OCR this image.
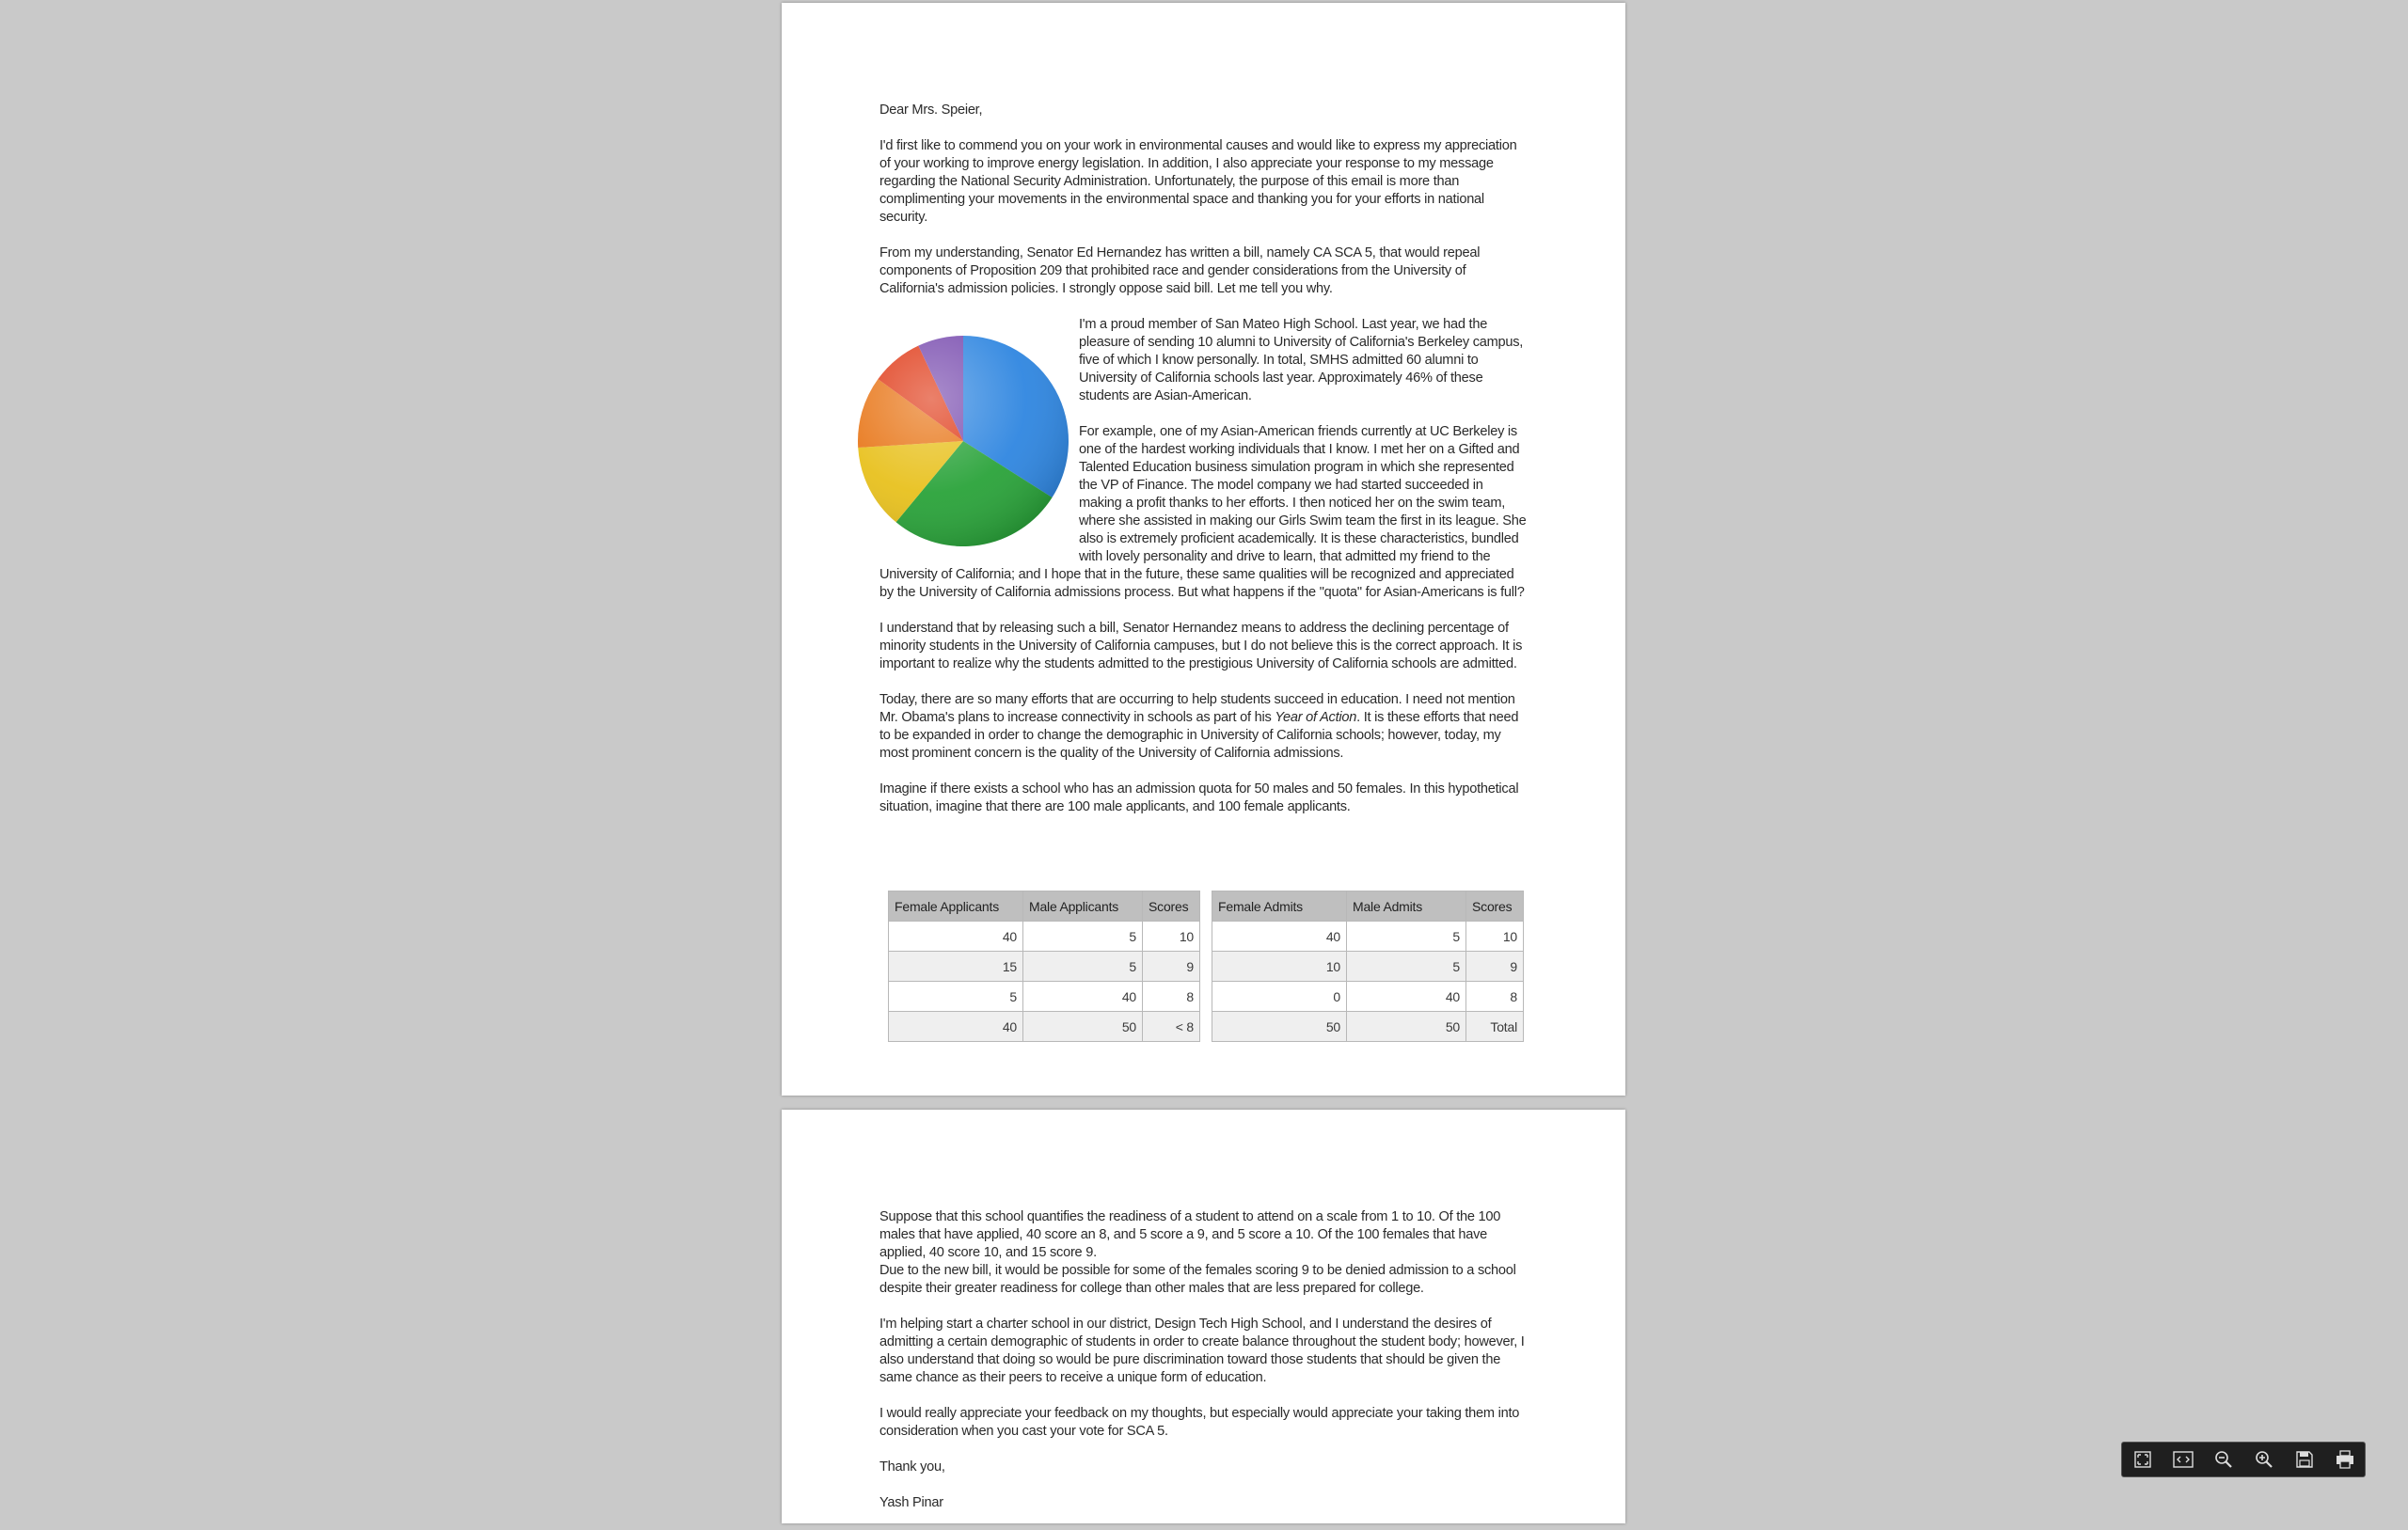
Dear Mrs. Speier,

I'd first like to commend you on your work in environmental causes and would like to express my appreciation of your working to improve energy legislation. In addition, I also appreciate your response to my message regarding the National Security Administration. Unfortunately, the purpose of this email is more than complimenting your movements in the environmental space and thanking you for your efforts in national security.

From my understanding, Senator Ed Hernandez has written a bill, namely CA SCA 5, that would repeal components of Proposition 209 that prohibited race and gender considerations from the University of California's admission policies. I strongly oppose said bill. Let me tell you why.

I'm a proud member of San Mateo High School. Last year, we had the pleasure of sending 10 alumni to University of California's Berkeley campus, five of which I know personally. In total, SMHS admitted 60 alumni to University of California schools last year. Approximately 46% of these students are Asian-American.

For example, one of my Asian-American friends currently at UC Berkeley is one of the hardest working individuals that I know. I met her on a Gifted and Talented Education business simulation program in which she represented the VP of Finance. The model company we had started succeeded in making a profit thanks to her efforts. I then noticed her on the swim team, where she assisted in making our Girls Swim team the first in its league. She also is extremely proficient academically. It is these characteristics, bundled with lovely personality and drive to learn, that admitted my friend to the University of California; and I hope that in the future, these same qualities will be recognized and appreciated by the University of California admissions process. But what happens if the "quota" for Asian-Americans is full?

I understand that by releasing such a bill, Senator Hernandez means to address the declining percentage of minority students in the University of California campuses, but I do not believe this is the correct approach. It is important to realize why the students admitted to the prestigious University of California schools are admitted.

Today, there are so many efforts that are occurring to help students succeed in education. I need not mention Mr. Obama's plans to increase connectivity in schools as part of his Year of Action. It is these efforts that need to be expanded in order to change the demographic in University of California schools; however, today, my most prominent concern is the quality of the University of California admissions.

Imagine if there exists a school who has an admission quota for 50 males and 50 females. In this hypothetical situation, imagine that there are 100 male applicants, and 100 female applicants.

Female Applicants	Male Applicants	Scores
40	5	10
15	5	9
5	40	8
40	50	< 8
Female Admits	Male Admits	Scores
40	5	10
10	5	9
0	40	8
50	50	Total

Suppose that this school quantifies the readiness of a student to attend on a scale from 1 to 10. Of the 100 males that have applied, 40 score an 8, and 5 score a 9, and 5 score a 10. Of the 100 females that have applied, 40 score 10, and 15 score 9.
Due to the new bill, it would be possible for some of the females scoring 9 to be denied admission to a school despite their greater readiness for college than other males that are less prepared for college.

I'm helping start a charter school in our district, Design Tech High School, and I understand the desires of admitting a certain demographic of students in order to create balance throughout the student body; however, I also understand that doing so would be pure discrimination toward those students that should be given the same chance as their peers to receive a unique form of education.

I would really appreciate your feedback on my thoughts, but especially would appreciate your taking them into consideration when you cast your vote for SCA 5.

Thank you,

Yash Pinar
